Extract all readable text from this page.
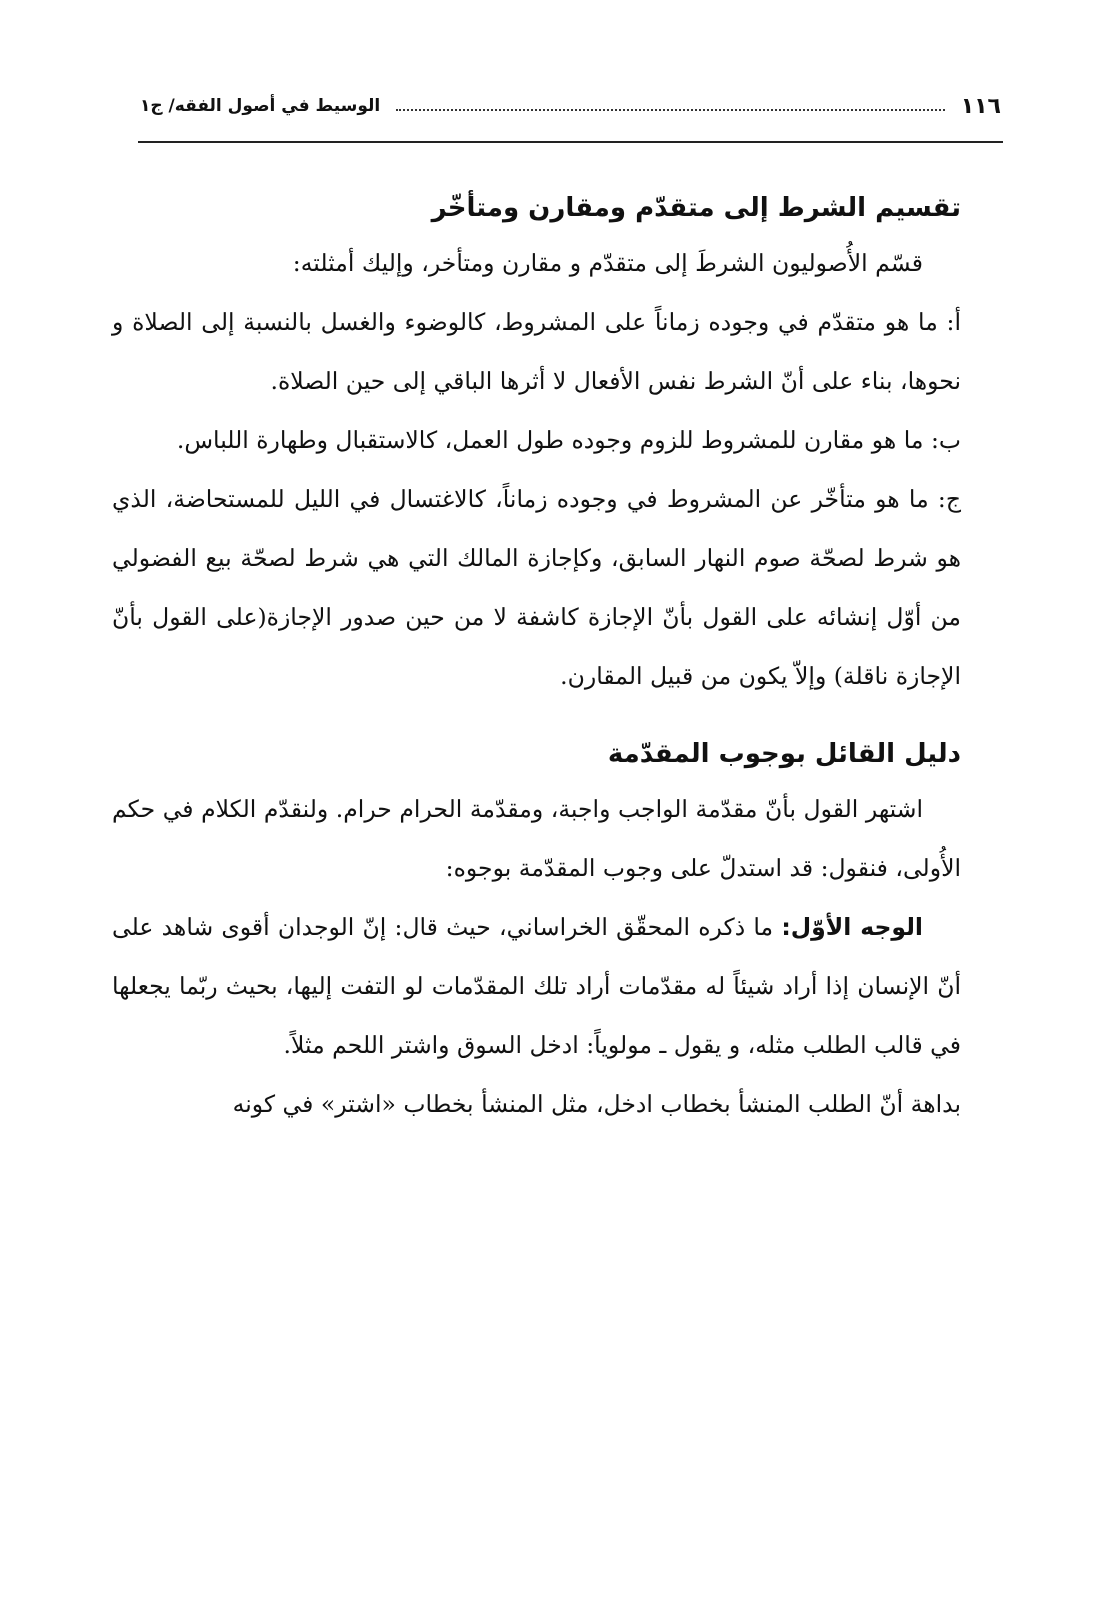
١١٦
الوسيط في أصول الفقه/ ج١

تقسيم الشرط إلى متقدّم ومقارن ومتأخّر

قسّم الأُصوليون الشرطَ إلى متقدّم و مقارن ومتأخر، وإليك أمثلته:

أ: ما هو متقدّم في وجوده زماناً على المشروط، كالوضوء والغسل بالنسبة إلى الصلاة و نحوها، بناء على أنّ الشرط نفس الأفعال لا أثرها الباقي إلى حين الصلاة.

ب: ما هو مقارن للمشروط للزوم وجوده طول العمل، كالاستقبال وطهارة اللباس.

ج: ما هو متأخّر عن المشروط في وجوده زماناً، كالاغتسال في الليل للمستحاضة، الذي هو شرط لصحّة صوم النهار السابق، وكإجازة المالك التي هي شرط لصحّة بيع الفضولي من أوّل إنشائه على القول بأنّ الإجازة كاشفة لا من حين صدور الإجازة(على القول بأنّ الإجازة ناقلة) وإلاّ يكون من قبيل المقارن.

دليل القائل بوجوب المقدّمة

اشتهر القول بأنّ مقدّمة الواجب واجبة، ومقدّمة الحرام حرام. ولنقدّم الكلام في حكم الأُولى، فنقول: قد استدلّ على وجوب المقدّمة بوجوه:

الوجه الأوّل: ما ذكره المحقّق الخراساني، حيث قال: إنّ الوجدان أقوى شاهد على أنّ الإنسان إذا أراد شيئاً له مقدّمات أراد تلك المقدّمات لو التفت إليها، بحيث ربّما يجعلها في قالب الطلب مثله، و يقول ـ مولوياً: ادخل السوق واشتر اللحم مثلاً.

بداهة أنّ الطلب المنشأ بخطاب ادخل، مثل المنشأ بخطاب «اشتر» في كونه
